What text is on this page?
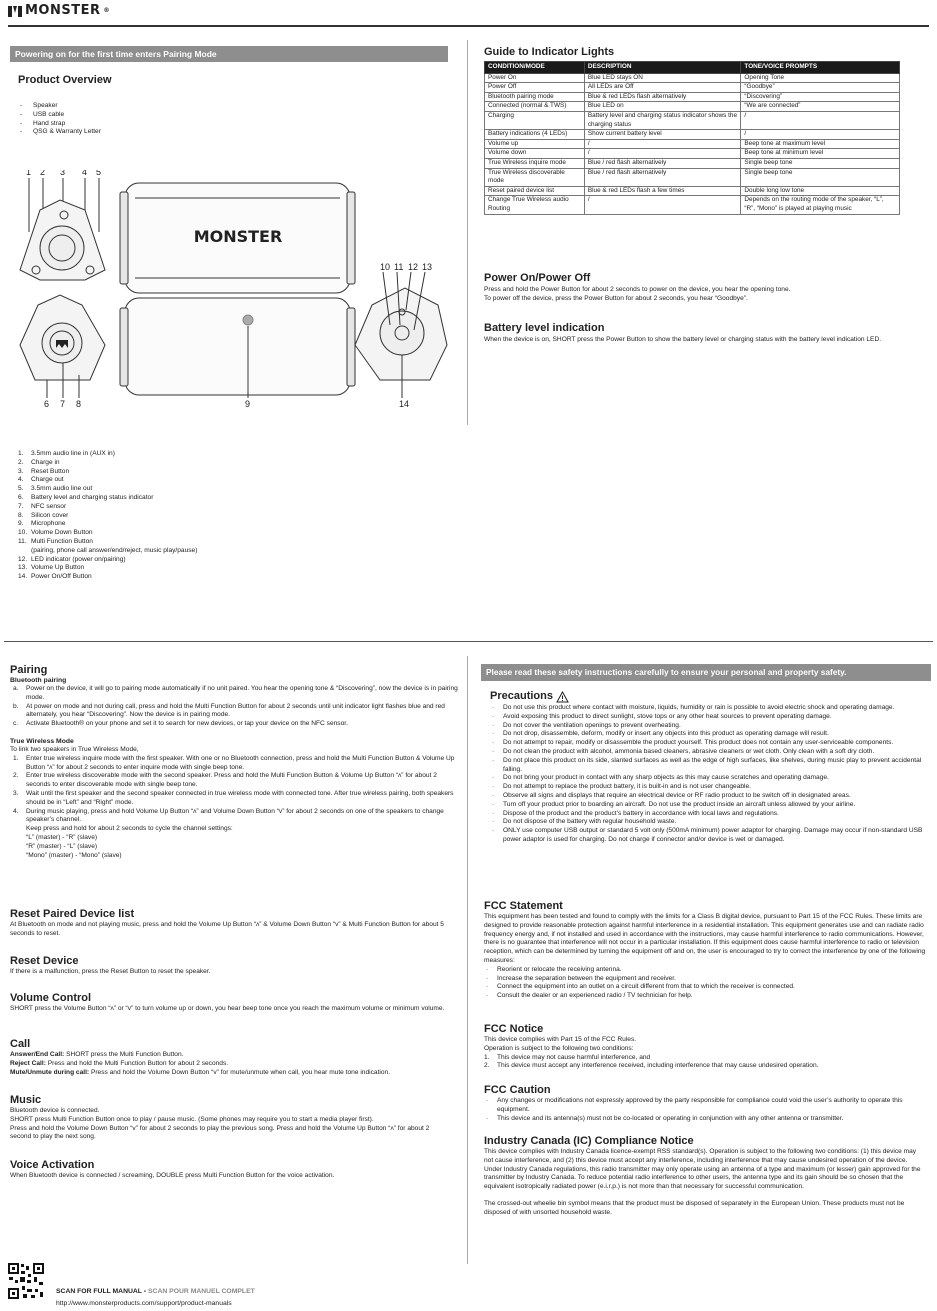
MONSTER ®
Powering on for the first time enters Pairing Mode
Product Overview
- Speaker
- USB cable
- Hand strap
- QSG & Warranty Letter
1 2 3 4 5
10 11 12 13
6 7 8	9	14
MONSTER
1. 3.5mm audio line in (AUX in)
2. Charge in
3. Reset Button
4. Charge out
5. 3.5mm audio line out
6. Battery level and charging status indicator
7. NFC sensor
8. Silicon cover
9. Microphone
10. Volume Down Button
11. Multi Function Button
(pairing, phone call answer/end/reject, music play/pause)
12. LED indicator (power on/pairing)
13. Volume Up Button
14. Power On/Off Button
Guide to Indicator Lights
CONDITION/MODE	DESCRIPTION	TONE/VOICE PROMPTS
Power On	Blue LED stays ON	Opening Tone
Power Off	All LEDs are Off	“Goodbye”
Bluetooth pairing mode	Blue & red LEDs flash alternatively	“Discovering”
Connected (normal & TWS)	Blue LED on	“We are connected”
Charging	Battery level and charging status indicator shows the charging status	/
Battery indications (4 LEDs)	Show current battery level	/
Volume up	/	Beep tone at maximum level
Volume down	/	Beep tone at minimum level
True Wireless inquire mode	Blue / red flash alternatively	Single beep tone
True Wireless discoverable mode	Blue / red flash alternatively	Single beep tone
Reset paired device list	Blue & red LEDs flash a few times	Double long low tone
Change True Wireless audio Routing	/	Depends on the routing mode of the speaker, “L”, “R”, “Mono” is played at playing music
Power On/Power Off

Press and hold the Power Button for about 2 seconds to power on the device, you hear the opening tone.

To power off the device, press the Power Button for about 2 seconds, you hear “Goodbye”.

Battery level indication

When the device is on, SHORT press the Power Button to show the battery level or charging status with the battery level indication LED.

Pairing
Bluetooth pairing
a. Power on the device, it will go to pairing mode automatically if no unit paired. You hear the opening tone & “Discovering”, now the device is in pairing mode.
b. At power on mode and not during call, press and hold the Multi Function Button for about 2 seconds until unit indicator light flashes blue and red alternately, you hear “Discovering”. Now the device is in pairing mode.
c. Activate Bluetooth® on your phone and set it to search for new devices, or tap your device on the NFC sensor.
True Wireless Mode

To link two speakers in True Wireless Mode,

1. Enter true wireless inquire mode with the first speaker. With one or no Bluetooth connection, press and hold the Multi Function Button & Volume Up Button “ᴧ” for about 2 seconds to enter inquire mode with single beep tone.
2. Enter true wireless discoverable mode with the second speaker. Press and hold the Multi Function Button & Volume Up Button “ᴧ” for about 2 seconds to enter discoverable mode with single beep tone.
3. Wait until the first speaker and the second speaker connected in true wireless mode with connected tone. After true wireless pairing, both speakers should be in “Left” and “Right” mode.
4. During music playing, press and hold Volume Up Button “ᴧ” and Volume Down Button “ᴠ” for about 2 seconds on one of the speakers to change speaker’s channel.

Keep press and hold for about 2 seconds to cycle the channel settings:

“L” (master) - “R” (slave)

“R” (master) - “L” (slave)

“Mono” (master) - “Mono” (slave)

Reset Paired Device list

At Bluetooth on mode and not playing music, press and hold the Volume Up Button “ᴧ” & Volume Down Button “ᴠ” & Multi Function Button for about 5 seconds to reset.

Reset Device

If there is a malfunction, press the Reset Button to reset the speaker.

Volume Control

SHORT press the Volume Button “ᴧ” or “ᴠ” to turn volume up or down, you hear beep tone once you reach the maximum volume or minimum volume.

Call

Answer/End Call: SHORT press the Multi Function Button.

Reject Call: Press and hold the Multi Function Button for about 2 seconds.

Mute/Unmute during call: Press and hold the Volume Down Button “ᴠ” for mute/unmute when call, you hear mute tone indication.

Music

Bluetooth device is connected.

SHORT press Multi Function Button once to play / pause music. (Some phones may require you to start a media player first).

Press and hold the Volume Down Button “ᴠ” for about 2 seconds to play the previous song. Press and hold the Volume Up Button “ᴧ” for about 2 second to play the next song.

Voice Activation

When Bluetooth device is connected / screaming, DOUBLE press Multi Function Button for the voice activation.

Please read these safety instructions carefully to ensure your personal and property safety.
Precautions
· Do not use this product where contact with moisture, liquids, humidity or rain is possible to avoid electric shock and operating damage.
· Avoid exposing this product to direct sunlight, stove tops or any other heat sources to prevent operating damage.
· Do not cover the ventilation openings to prevent overheating.
· Do not drop, disassemble, deform, modify or insert any objects into this product as operating damage will result.
· Do not attempt to repair, modify or disassemble the product yourself. This product does not contain any user-serviceable components.
· Do not clean the product with alcohol, ammonia based cleaners, abrasive cleaners or wet cloth. Only clean with a soft dry cloth.
· Do not place this product on its side, slanted surfaces as well as the edge of high surfaces, like shelves, during music play to prevent accidental falling.
· Do not bring your product in contact with any sharp objects as this may cause scratches and operating damage.
· Do not attempt to replace the product battery, it is built-in and is not user changeable.
· Observe all signs and displays that require an electrical device or RF radio product to be switch off in designated areas.
· Turn off your product prior to boarding an aircraft. Do not use the product inside an aircraft unless allowed by your airline.
· Dispose of the product and the product’s battery in accordance with local laws and regulations.
· Do not dispose of the battery with regular household waste.
· ONLY use computer USB output or standard 5 volt only (500mA minimum) power adaptor for charging. Damage may occur if non-standard USB power adaptor is used for charging. Do not charge if connector and/or device is wet or damaged.
FCC Statement

This equipment has been tested and found to comply with the limits for a Class B digital device, pursuant to Part 15 of the FCC Rules. These limits are designed to provide reasonable protection against harmful interference in a residential installation. This equipment generates use and can radiate radio frequency energy and, if not installed and used in accordance with the instructions, may cause harmful interference to radio communications. However, there is no guarantee that interference will not occur in a particular installation. If this equipment does cause harmful interference to radio or television reception, which can be determined by turning the equipment off and on, the user is encouraged to try to correct the interference by one of the following measures:

· Reorient or relocate the receiving antenna.
· Increase the separation between the equipment and receiver.
· Connect the equipment into an outlet on a circuit different from that to which the receiver is connected.
· Consult the dealer or an experienced radio / TV technician for help.
FCC Notice

This device complies with Part 15 of the FCC Rules.

Operation is subject to the following two conditions:

1. This device may not cause harmful interference, and
2. This device must accept any interference received, including interference that may cause undesired operation.
FCC Caution
· Any changes or modifications not expressly approved by the party responsible for compliance could void the user’s authority to operate this equipment.
· This device and its antenna(s) must not be co-located or operating in conjunction with any other antenna or transmitter.
Industry Canada (IC) Compliance Notice

This device complies with Industry Canada licence-exempt RSS standard(s). Operation is subject to the following two conditions: (1) this device may not cause interference, and (2) this device must accept any interference, including interference that may cause undesired operation of the device. Under Industry Canada regulations, this radio transmitter may only operate using an antenna of a type and maximum (or lesser) gain approved for the transmitter by Industry Canada. To reduce potential radio interference to other users, the antenna type and its gain should be so chosen that the equivalent isotropically radiated power (e.i.r.p.) is not more than that necessary for successful communication.

The crossed-out wheelie bin symbol means that the product must be disposed of separately in the European Union. These products must not be disposed of with unsorted household waste.

SCAN FOR FULL MANUAL • SCAN POUR MANUEL COMPLET
http://www.monsterproducts.com/support/product-manuals
